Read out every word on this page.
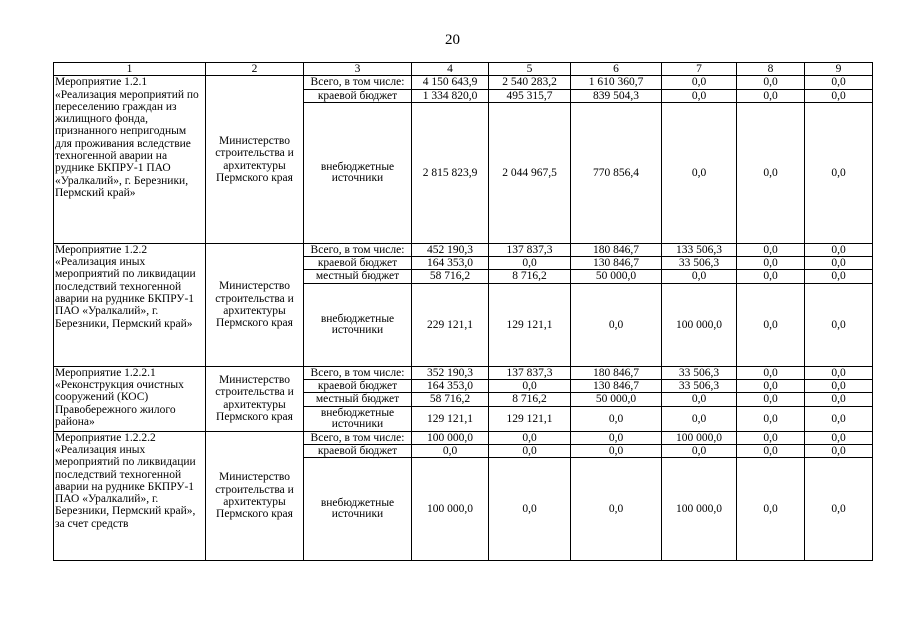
20
1	2	3	4	5	6	7	8	9
Мероприятие 1.2.1 «Реализация мероприятий по переселению граждан из жилищного фонда, признанного непригодным для проживания вследствие техногенной аварии на руднике БКПРУ-1 ПАО «Уралкалий», г. Березники, Пермский край»	Министерство строительства и архитектуры Пермского края	Всего, в том числе:	4 150 643,9	2 540 283,2	1 610 360,7	0,0	0,0	0,0
		краевой бюджет	1 334 820,0	495 315,7	839 504,3	0,0	0,0	0,0
		внебюджетные источники	2 815 823,9	2 044 967,5	770 856,4	0,0	0,0	0,0
Мероприятие 1.2.2 «Реализация иных мероприятий по ликвидации последствий техногенной аварии на руднике БКПРУ-1 ПАО «Уралкалий», г. Березники, Пермский край»	Министерство строительства и архитектуры Пермского края	Всего, в том числе:	452 190,3	137 837,3	180 846,7	133 506,3	0,0	0,0
		краевой бюджет	164 353,0	0,0	130 846,7	33 506,3	0,0	0,0
		местный бюджет	58 716,2	8 716,2	50 000,0	0,0	0,0	0,0
		внебюджетные источники	229 121,1	129 121,1	0,0	100 000,0	0,0	0,0
Мероприятие 1.2.2.1 «Реконструкция очистных сооружений (КОС) Правобережного жилого района»	Министерство строительства и архитектуры Пермского края	Всего, в том числе:	352 190,3	137 837,3	180 846,7	33 506,3	0,0	0,0
		краевой бюджет	164 353,0	0,0	130 846,7	33 506,3	0,0	0,0
		местный бюджет	58 716,2	8 716,2	50 000,0	0,0	0,0	0,0
		внебюджетные источники	129 121,1	129 121,1	0,0	0,0	0,0	0,0
Мероприятие 1.2.2.2 «Реализация иных мероприятий по ликвидации последствий техногенной аварии на руднике БКПРУ-1 ПАО «Уралкалий», г. Березники, Пермский край», за счет средств	Министерство строительства и архитектуры Пермского края	Всего, в том числе:	100 000,0	0,0	0,0	100 000,0	0,0	0,0
		краевой бюджет	0,0	0,0	0,0	0,0	0,0	0,0
		внебюджетные источники	100 000,0	0,0	0,0	100 000,0	0,0	0,0
